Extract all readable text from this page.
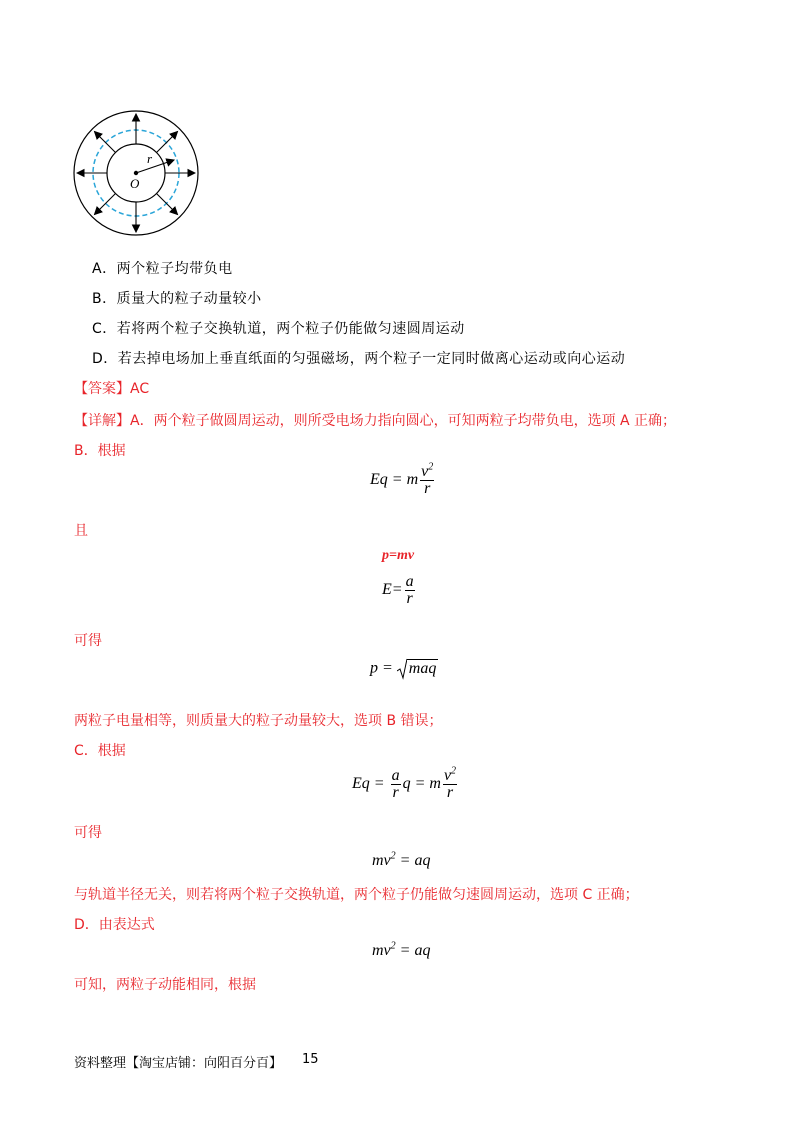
r
O
A．两个粒子均带负电
B．质量大的粒子动量较小
C．若将两个粒子交换轨道，两个粒子仍能做匀速圆周运动
D．若去掉电场加上垂直纸面的匀强磁场，两个粒子一定同时做离心运动或向心运动
【答案】AC
【详解】A．两个粒子做圆周运动，则所受电场力指向圆心，可知两粒子均带负电，选项 A 正确；
B．根据
Eq = m $\frac{v^2}{r}$
且
p=mv
$E= \frac{a}{r}$
可得
p = maq
两粒子电量相等，则质量大的粒子动量较大，选项 B 错误；
C．根据
$Eq = \frac{a}{r}$ q = m $\frac{v^2}{r}$
可得
$mv^2$ = aq
与轨道半径无关，则若将两个粒子交换轨道，两个粒子仍能做匀速圆周运动，选项 C 正确；
D．由表达式
$mv^2$ = aq
可知，两粒子动能相同，根据
资料整理【淘宝店铺：向阳百分百】 15
